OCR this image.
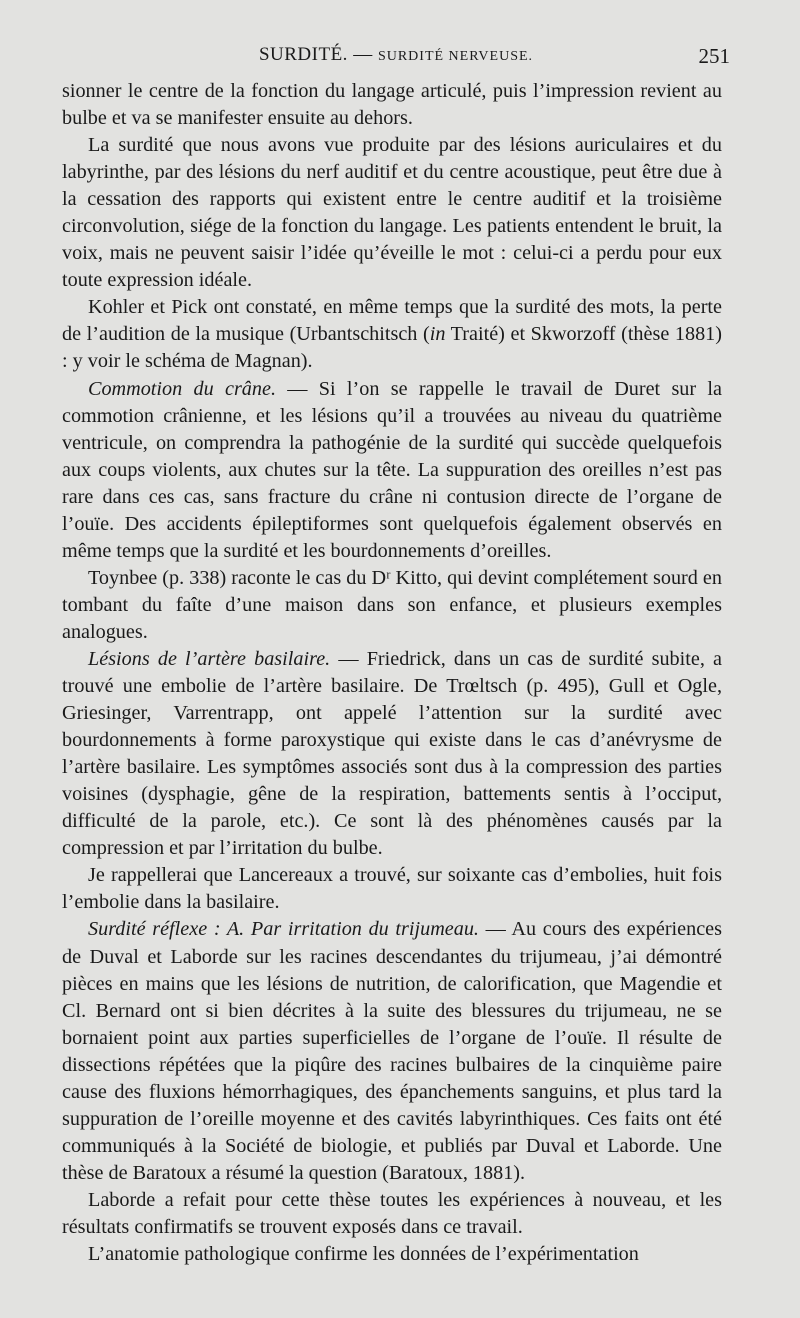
SURDITÉ. — SURDITÉ NERVEUSE.	251

sionner le centre de la fonction du langage articulé, puis l’impression revient au bulbe et va se manifester ensuite au dehors.

La surdité que nous avons vue produite par des lésions auriculaires et du labyrinthe, par des lésions du nerf auditif et du centre acoustique, peut être due à la cessation des rapports qui existent entre le centre auditif et la troisième circonvolution, siége de la fonction du langage. Les patients entendent le bruit, la voix, mais ne peuvent saisir l’idée qu’éveille le mot : celui-ci a perdu pour eux toute expression idéale.

Kohler et Pick ont constaté, en même temps que la surdité des mots, la perte de l’audition de la musique (Urbantschitsch (in Traité) et Skworzoff (thèse 1881) : y voir le schéma de Magnan).

Commotion du crâne. — Si l’on se rappelle le travail de Duret sur la commotion crânienne, et les lésions qu’il a trouvées au niveau du quatrième ventricule, on comprendra la pathogénie de la surdité qui succède quelquefois aux coups violents, aux chutes sur la tête. La suppuration des oreilles n’est pas rare dans ces cas, sans fracture du crâne ni contusion directe de l’organe de l’ouïe. Des accidents épileptiformes sont quelquefois également observés en même temps que la surdité et les bourdonnements d’oreilles.

Toynbee (p. 338) raconte le cas du Dʳ Kitto, qui devint complétement sourd en tombant du faîte d’une maison dans son enfance, et plusieurs exemples analogues.

Lésions de l’artère basilaire. — Friedrick, dans un cas de surdité subite, a trouvé une embolie de l’artère basilaire. De Trœltsch (p. 495), Gull et Ogle, Griesinger, Varrentrapp, ont appelé l’attention sur la surdité avec bourdonnements à forme paroxystique qui existe dans le cas d’anévrysme de l’artère basilaire. Les symptômes associés sont dus à la compression des parties voisines (dysphagie, gêne de la respiration, battements sentis à l’occiput, difficulté de la parole, etc.). Ce sont là des phénomènes causés par la compression et par l’irritation du bulbe.

Je rappellerai que Lancereaux a trouvé, sur soixante cas d’embolies, huit fois l’embolie dans la basilaire.

Surdité réflexe : A. Par irritation du trijumeau. — Au cours des expériences de Duval et Laborde sur les racines descendantes du trijumeau, j’ai démontré pièces en mains que les lésions de nutrition, de calorification, que Magendie et Cl. Bernard ont si bien décrites à la suite des blessures du trijumeau, ne se bornaient point aux parties superficielles de l’organe de l’ouïe. Il résulte de dissections répétées que la piqûre des racines bulbaires de la cinquième paire cause des fluxions hémorrhagiques, des épanchements sanguins, et plus tard la suppuration de l’oreille moyenne et des cavités labyrinthiques. Ces faits ont été communiqués à la Société de biologie, et publiés par Duval et Laborde. Une thèse de Baratoux a résumé la question (Baratoux, 1881).

Laborde a refait pour cette thèse toutes les expériences à nouveau, et les résultats confirmatifs se trouvent exposés dans ce travail.

L’anatomie pathologique confirme les données de l’expérimentation
